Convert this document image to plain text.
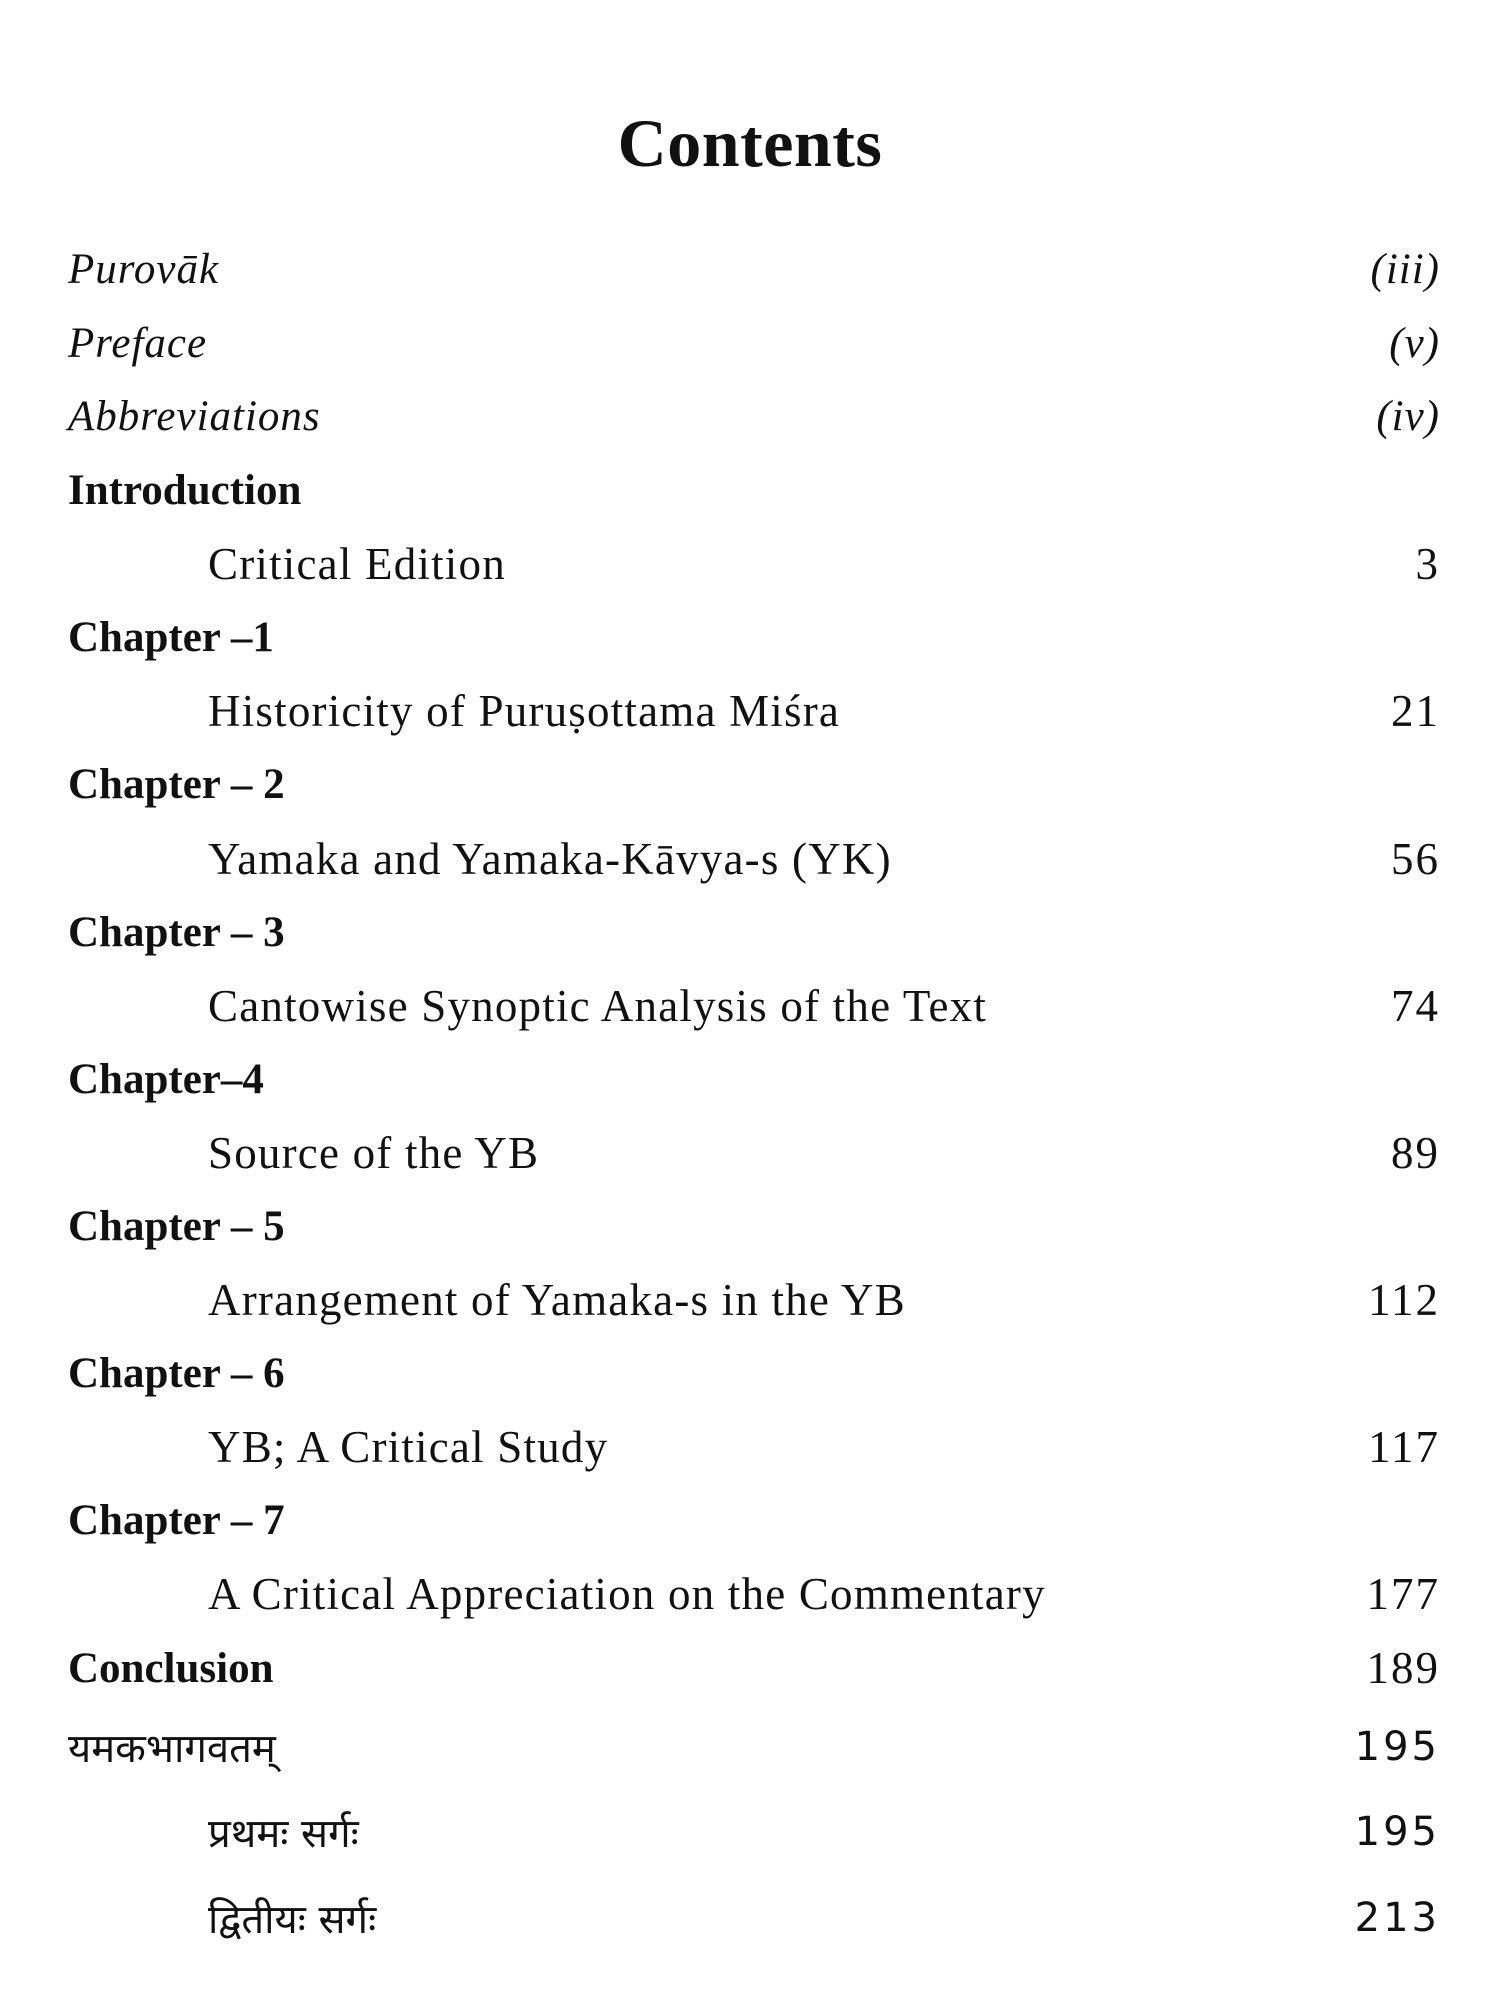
Contents
Purovāk	(iii)
Preface	(v)
Abbreviations	(iv)
Introduction
Critical Edition	3
Chapter –1
Historicity of Puruṣottama Miśra	21
Chapter – 2
Yamaka and Yamaka-Kāvya-s (YK)	56
Chapter – 3
Cantowise Synoptic Analysis of the Text	74
Chapter–4
Source of the YB	89
Chapter – 5
Arrangement of Yamaka-s in the YB	112
Chapter – 6
YB; A Critical Study	117
Chapter – 7
A Critical Appreciation on the Commentary	177
Conclusion	189
यमकभागवतम्	195
प्रथमः सर्गः	195
द्वितीयः सर्गः	213
